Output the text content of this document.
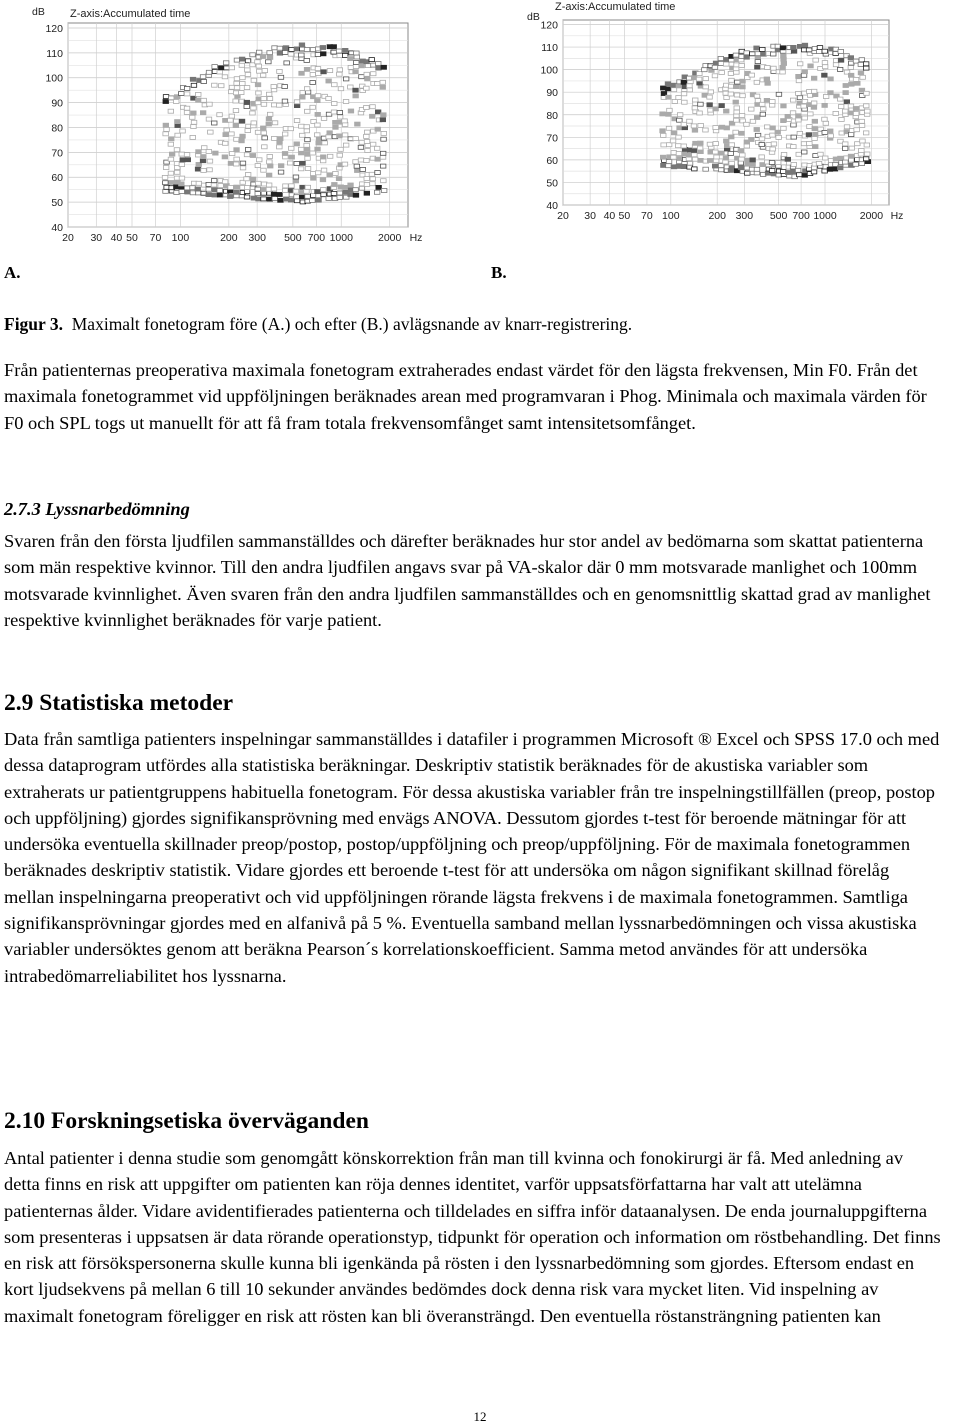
Z-axis:Accumulated time
dB
120
110
100
90
80
70
60
50
40
20 30 40 50 70 100	200 300 500 700 1000 2000 Hz
Z-axis:Accumulated time
dB
120
110
100
90
80
70
60
50
40
20 30 40 50 70 100	200 300 500 700 1000 2000 Hz
A.	B.

Figur 3. Maximalt fonetogram före (A.) och efter (B.) avlägsnande av knarr-registrering.

Från patienternas preoperativa maximala fonetogram extraherades endast värdet för den lägsta frekvensen, Min F0. Från det maximala fonetogrammet vid uppföljningen beräknades arean med programvaran i Phog. Minimala och maximala värden för F0 och SPL togs ut manuellt för att få fram totala frekvensomfånget samt intensitetsomfånget.

2.7.3 Lyssnarbedömning

Svaren från den första ljudfilen sammanställdes och därefter beräknades hur stor andel av bedömarna som skattat patienterna som män respektive kvinnor. Till den andra ljudfilen angavs svar på VA-skalor där 0 mm motsvarade manlighet och 100mm motsvarade kvinnlighet. Även svaren från den andra ljudfilen sammanställdes och en genomsnittlig skattad grad av manlighet respektive kvinnlighet beräknades för varje patient.

2.9 Statistiska metoder

Data från samtliga patienters inspelningar sammanställdes i datafiler i programmen Microsoft ® Excel och SPSS 17.0 och med dessa dataprogram utfördes alla statistiska beräkningar. Deskriptiv statistik beräknades för de akustiska variabler som extraherats ur patientgruppens habituella fonetogram. För dessa akustiska variabler från tre inspelningstillfällen (preop, postop och uppföljning) gjordes signifikansprövning med envägs ANOVA. Dessutom gjordes t-test för beroende mätningar för att undersöka eventuella skillnader preop/postop, postop/uppföljning och preop/uppföljning. För de maximala fonetogrammen beräknades deskriptiv statistik. Vidare gjordes ett beroende t-test för att undersöka om någon signifikant skillnad förelåg mellan inspelningarna preoperativt och vid uppföljningen rörande lägsta frekvens i de maximala fonetogrammen. Samtliga signifikansprövningar gjordes med en alfanivå på 5 %. Eventuella samband mellan lyssnarbedömningen och vissa akustiska variabler undersöktes genom att beräkna Pearson´s korrelationskoefficient. Samma metod användes för att undersöka intrabedömarreliabilitet hos lyssnarna.

2.10 Forskningsetiska överväganden

Antal patienter i denna studie som genomgått könskorrektion från man till kvinna och fonokirurgi är få. Med anledning av detta finns en risk att uppgifter om patienten kan röja dennes identitet, varför uppsatsförfattarna har valt att utelämna patienternas ålder. Vidare avidentifierades patienterna och tilldelades en siffra inför dataanalysen. De enda journaluppgifterna som presenteras i uppsatsen är data rörande operationstyp, tidpunkt för operation och information om röstbehandling. Det finns en risk att försökspersonerna skulle kunna bli igenkända på rösten i den lyssnarbedömning som gjordes. Eftersom endast en kort ljudsekvens på mellan 6 till 10 sekunder användes bedömdes dock denna risk vara mycket liten. Vid inspelning av maximalt fonetogram föreligger en risk att rösten kan bli överansträngd. Den eventuella röstansträngning patienten kan

12
